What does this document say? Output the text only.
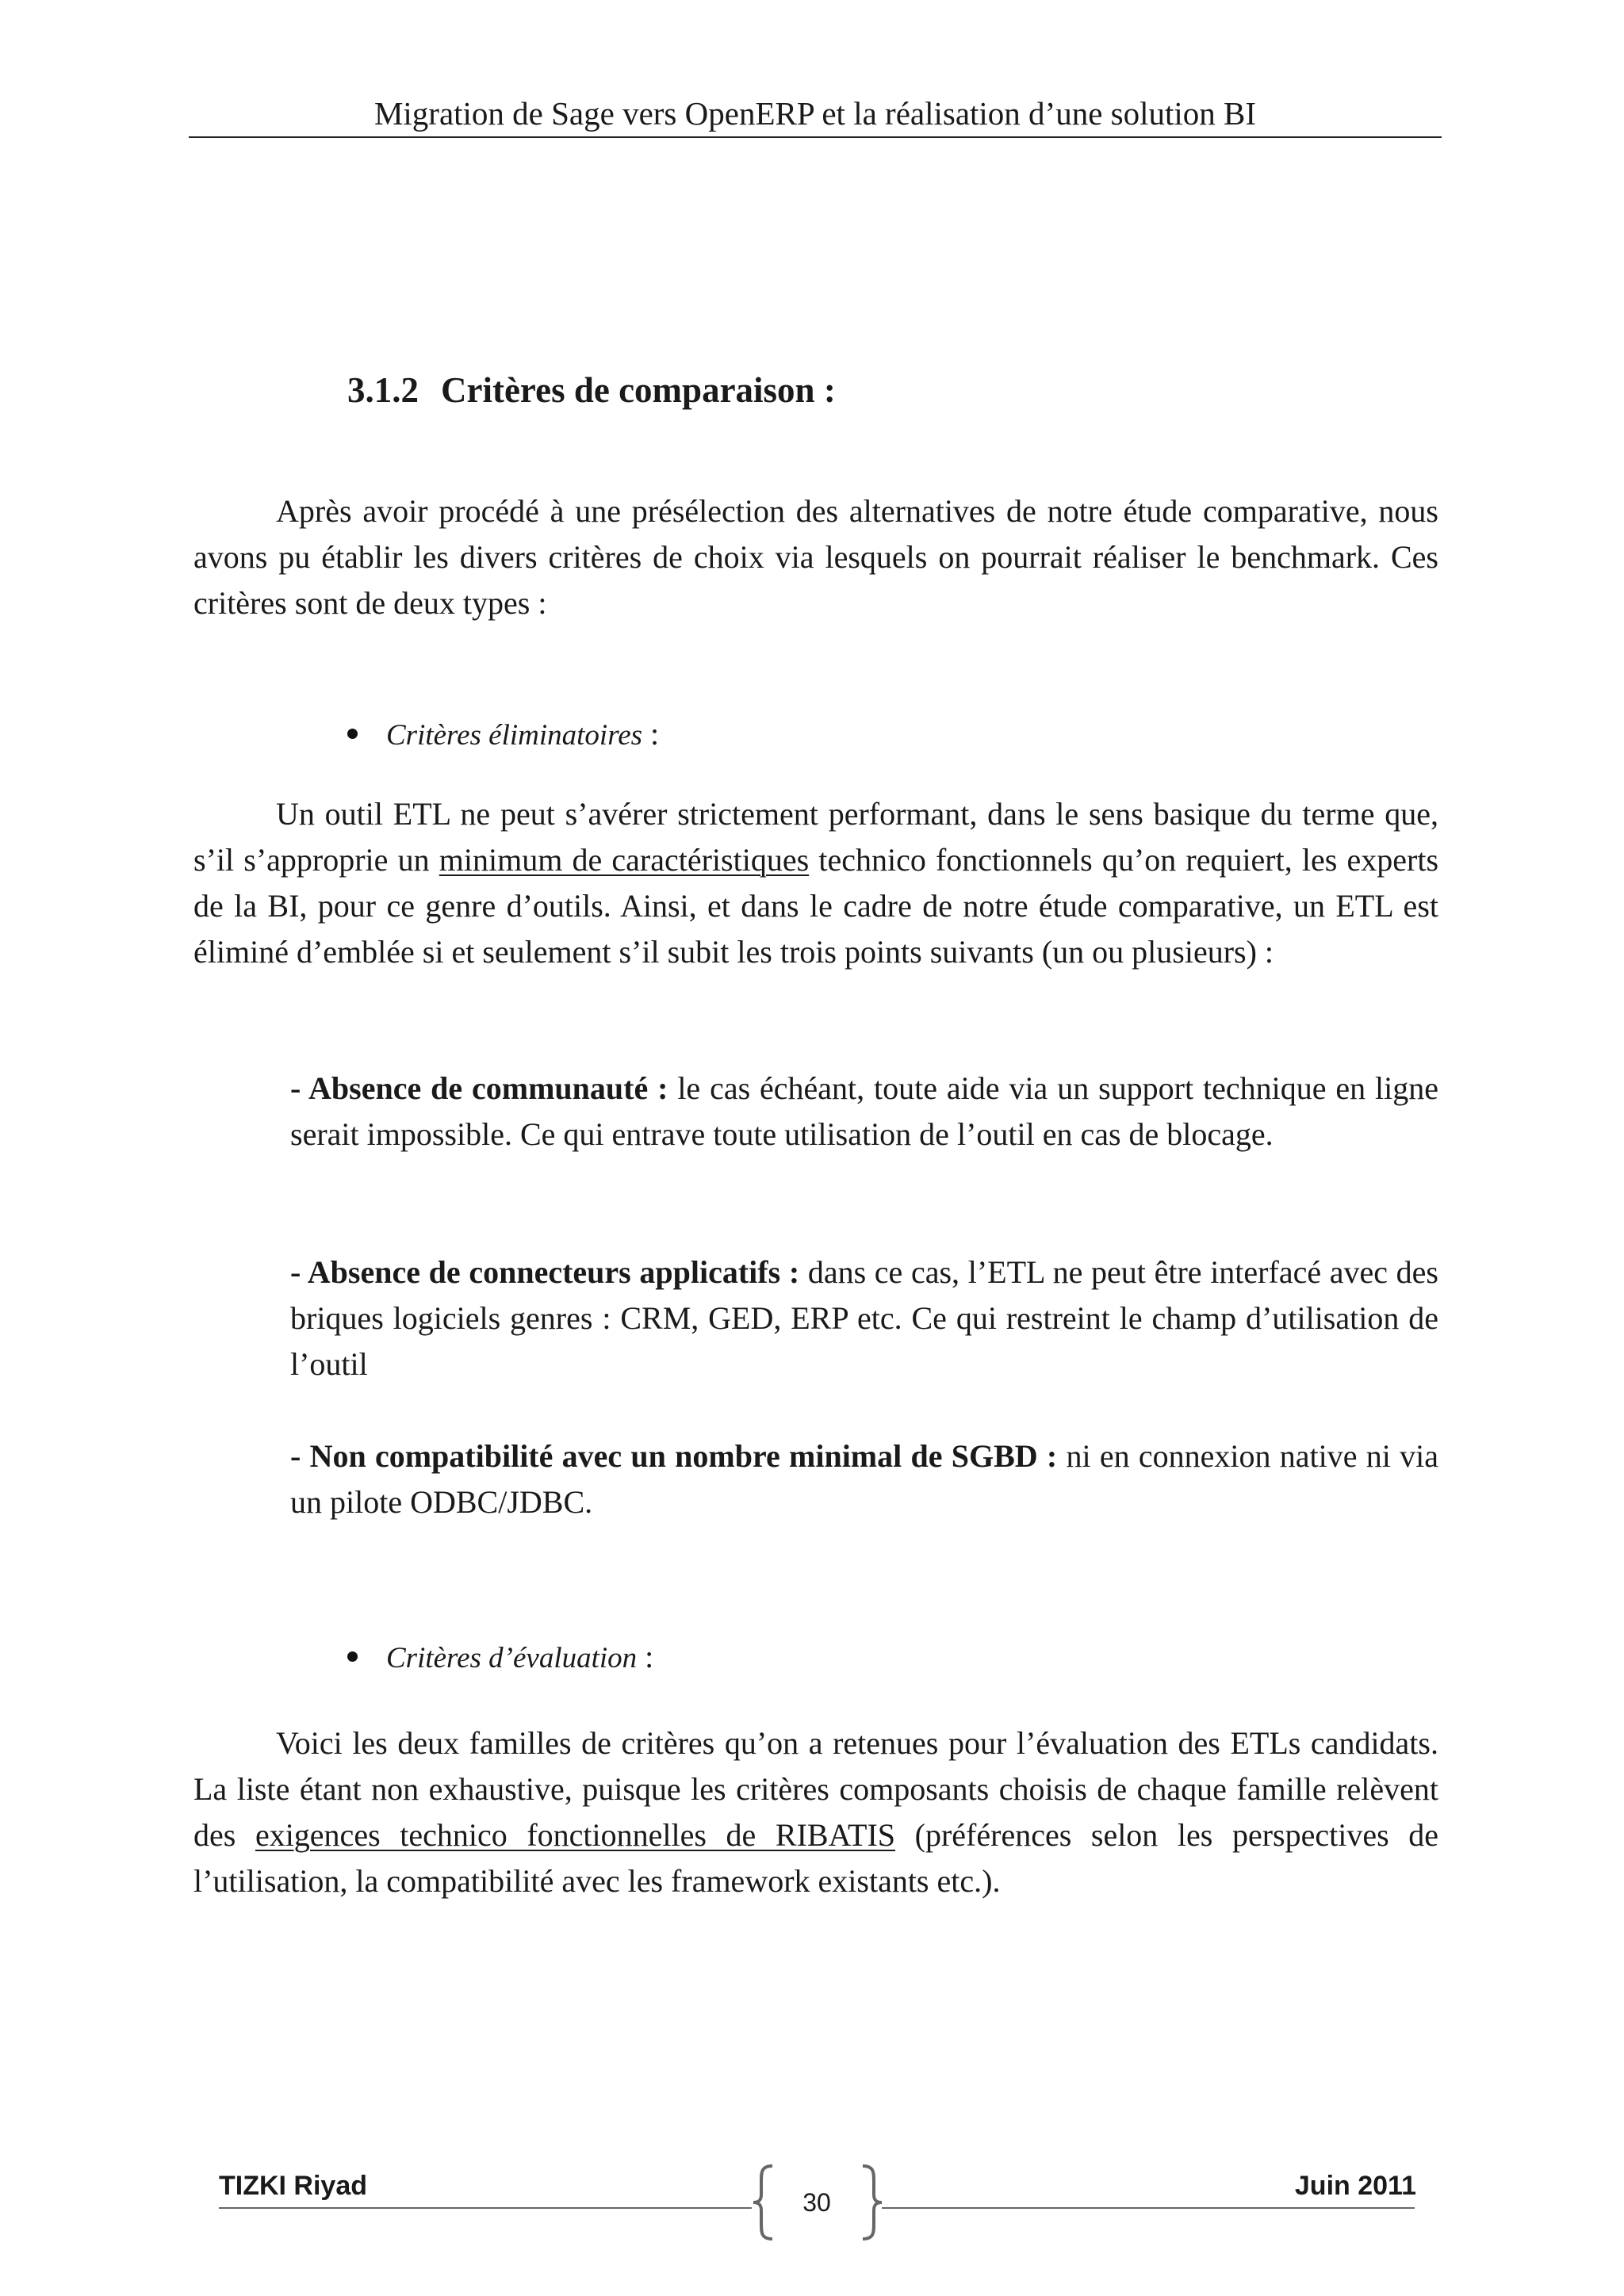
Migration de Sage vers OpenERP et la réalisation d’une solution BI
3.1.2 Critères de comparaison :

Après avoir procédé à une présélection des alternatives de notre étude comparative, nous avons pu établir les divers critères de choix via lesquels on pourrait réaliser le benchmark. Ces critères sont de deux types :

Critères éliminatoires :

Un outil ETL ne peut s’avérer strictement performant, dans le sens basique du terme que, s’il s’approprie un minimum de caractéristiques technico fonctionnels qu’on requiert, les experts de la BI, pour ce genre d’outils. Ainsi, et dans le cadre de notre étude comparative, un ETL est éliminé d’emblée si et seulement s’il subit les trois points suivants (un ou plusieurs) :

- Absence de communauté : le cas échéant, toute aide via un support technique en ligne serait impossible. Ce qui entrave toute utilisation de l’outil en cas de blocage.
- Absence de connecteurs applicatifs : dans ce cas, l’ETL ne peut être interfacé avec des briques logiciels genres : CRM, GED, ERP etc. Ce qui restreint le champ d’utilisation de l’outil
- Non compatibilité avec un nombre minimal de SGBD : ni en connexion native ni via un pilote ODBC/JDBC.
Critères d’évaluation :

Voici les deux familles de critères qu’on a retenues pour l’évaluation des ETLs candidats. La liste étant non exhaustive, puisque les critères composants choisis de chaque famille relèvent des exigences technico fonctionnelles de RIBATIS (préférences selon les perspectives de l’utilisation, la compatibilité avec les framework existants etc.).

TIZKI Riyad	Juin 2011
30
